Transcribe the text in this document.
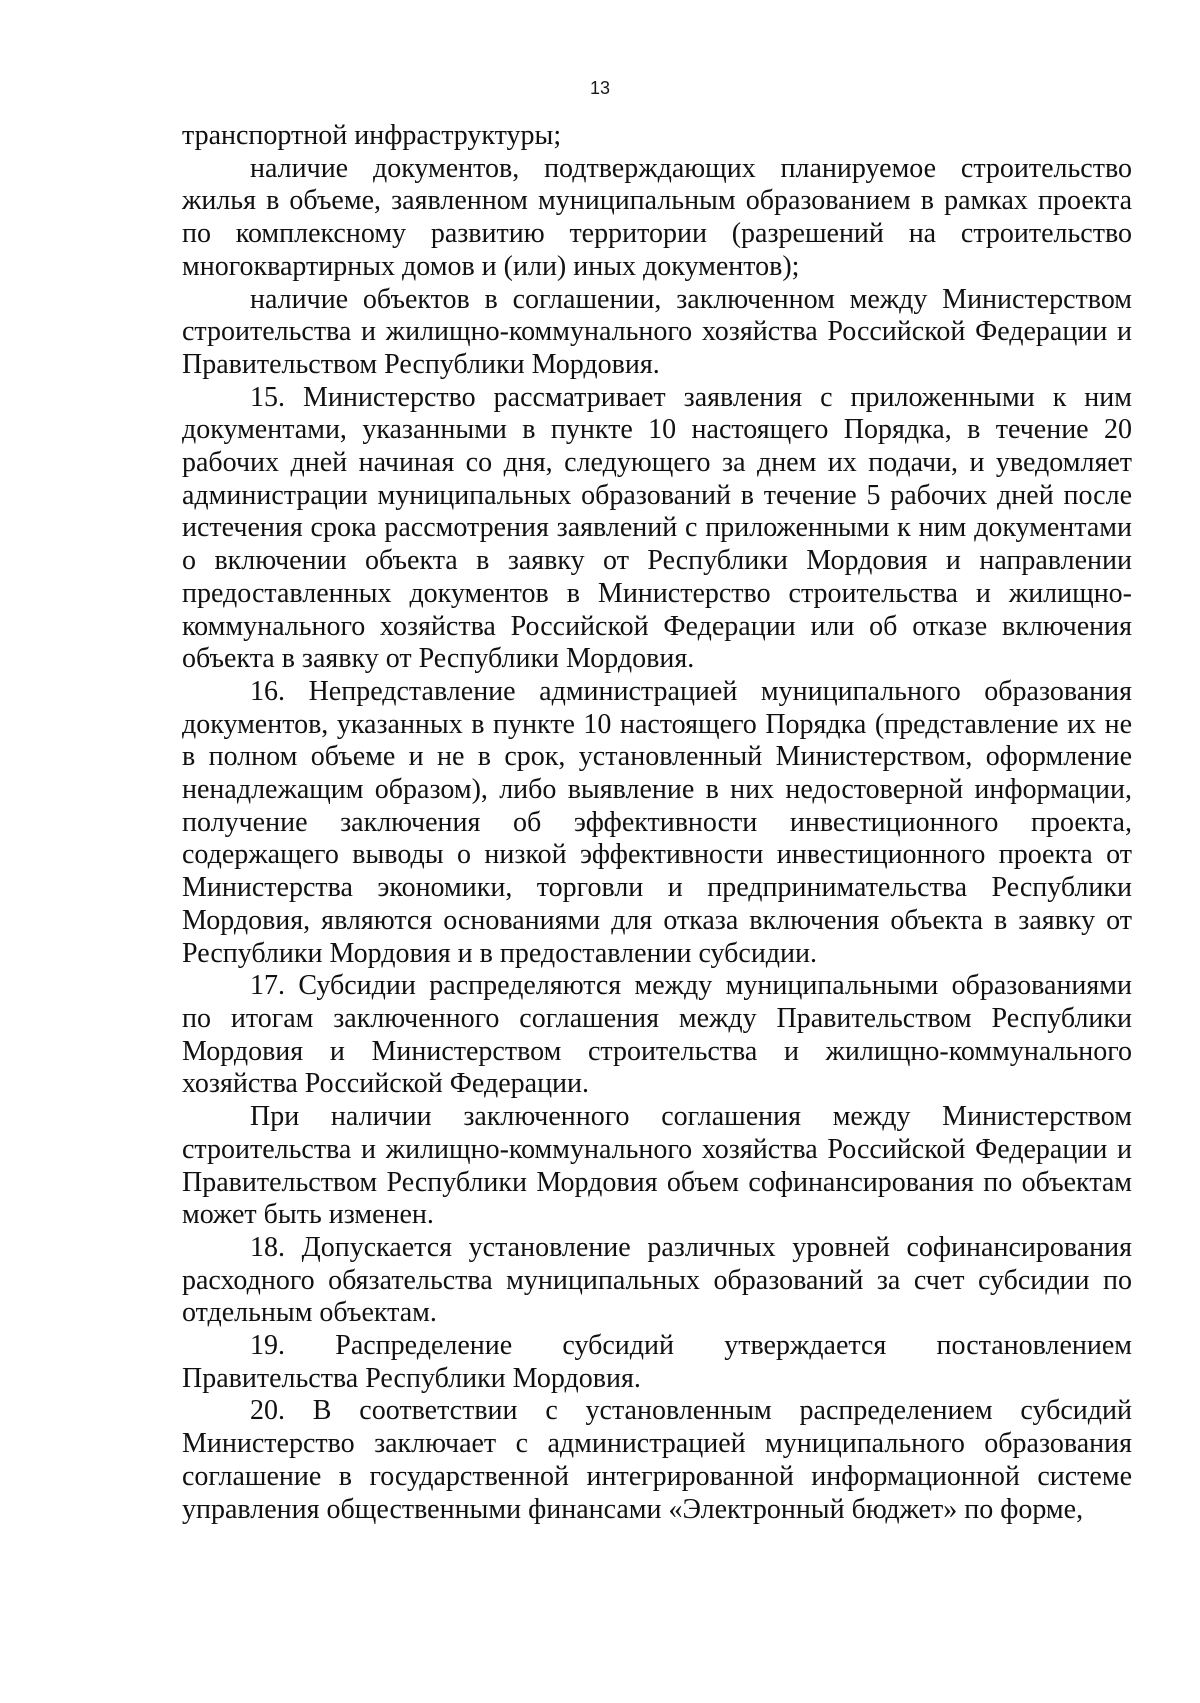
13

транспортной инфраструктуры;

наличие документов, подтверждающих планируемое строительство жилья в объеме, заявленном муниципальным образованием в рамках проекта по комплексному развитию территории (разрешений на строительство многоквартирных домов и (или) иных документов);

наличие объектов в соглашении, заключенном между Министерством строительства и жилищно-коммунального хозяйства Российской Федерации и Правительством Республики Мордовия.

15. Министерство рассматривает заявления с приложенными к ним документами, указанными в пункте 10 настоящего Порядка, в течение 20 рабочих дней начиная со дня, следующего за днем их подачи, и уведомляет администрации муниципальных образований в течение 5 рабочих дней после истечения срока рассмотрения заявлений с приложенными к ним документами о включении объекта в заявку от Республики Мордовия и направлении предоставленных документов в Министерство строительства и жилищно-коммунального хозяйства Российской Федерации или об отказе включения объекта в заявку от Республики Мордовия.

16. Непредставление администрацией муниципального образования документов, указанных в пункте 10 настоящего Порядка (представление их не в полном объеме и не в срок, установленный Министерством, оформление ненадлежащим образом), либо выявление в них недостоверной информации, получение заключения об эффективности инвестиционного проекта, содержащего выводы о низкой эффективности инвестиционного проекта от Министерства экономики, торговли и предпринимательства Республики Мордовия, являются основаниями для отказа включения объекта в заявку от Республики Мордовия и в предоставлении субсидии.

17. Субсидии распределяются между муниципальными образованиями по итогам заключенного соглашения между Правительством Республики Мордовия и Министерством строительства и жилищно-коммунального хозяйства Российской Федерации.

При наличии заключенного соглашения между Министерством строительства и жилищно-коммунального хозяйства Российской Федерации и Правительством Республики Мордовия объем софинансирования по объектам может быть изменен.

18. Допускается установление различных уровней софинансирования расходного обязательства муниципальных образований за счет субсидии по отдельным объектам.

19. Распределение субсидий утверждается постановлением Правительства Республики Мордовия.

20. В соответствии с установленным распределением субсидий Министерство заключает с администрацией муниципального образования соглашение в государственной интегрированной информационной системе управления общественными финансами «Электронный бюджет» по форме,
